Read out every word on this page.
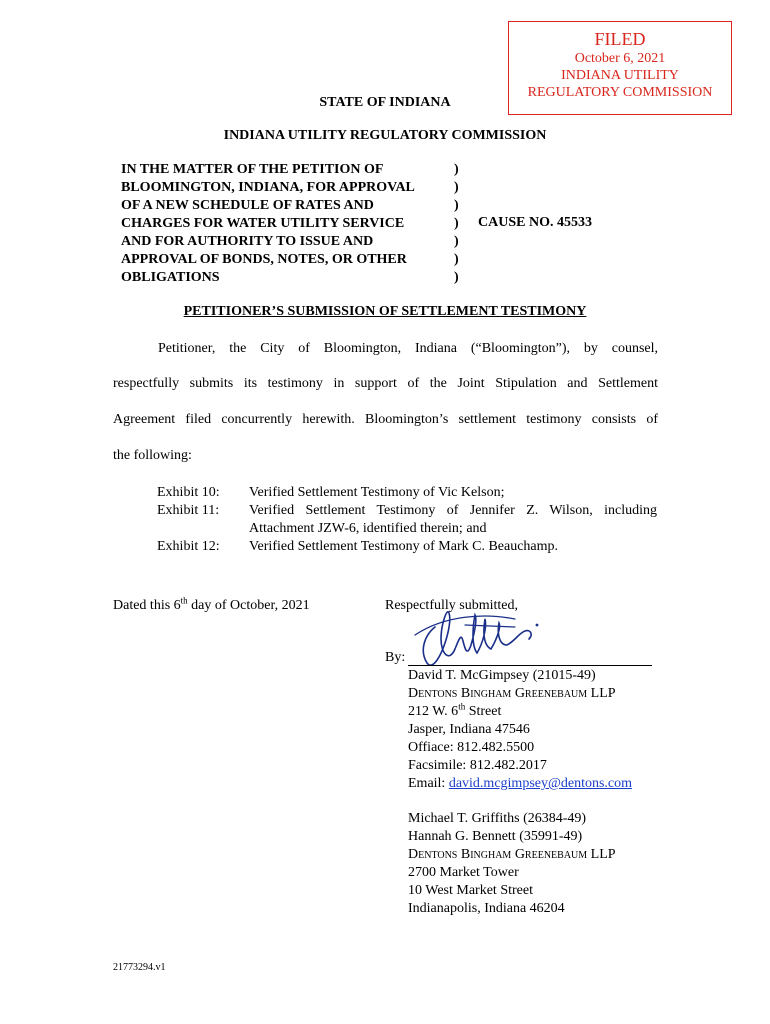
FILED
October 6, 2021
INDIANA UTILITY
REGULATORY COMMISSION
STATE OF INDIANA
INDIANA UTILITY REGULATORY COMMISSION
IN THE MATTER OF THE PETITION OF
BLOOMINGTON, INDIANA, FOR APPROVAL
OF A NEW SCHEDULE OF RATES AND
CHARGES FOR WATER UTILITY SERVICE
AND FOR AUTHORITY TO ISSUE AND
APPROVAL OF BONDS, NOTES, OR OTHER
OBLIGATIONS
)
)
)
)
)
)
)
CAUSE NO. 45533
PETITIONER’S SUBMISSION OF SETTLEMENT TESTIMONY
Petitioner, the City of Bloomington, Indiana (“Bloomington”), by counsel,
respectfully submits its testimony in support of the Joint Stipulation and Settlement
Agreement filed concurrently herewith. Bloomington’s settlement testimony consists of
the following:
Exhibit 10:	Verified Settlement Testimony of Vic Kelson;
Exhibit 11:	Verified Settlement Testimony of Jennifer Z. Wilson, including Attachment JZW-6, identified therein; and
Exhibit 12:	Verified Settlement Testimony of Mark C. Beauchamp.
Dated this 6th day of October, 2021	Respectfully submitted,
By:
David T. McGimpsey (21015-49)
Dentons Bingham Greenebaum LLP
212 W. 6th Street
Jasper, Indiana 47546
Offiace: 812.482.5500
Facsimile: 812.482.2017
Email: david.mcgimpsey@dentons.com
Michael T. Griffiths (26384-49)
Hannah G. Bennett (35991-49)
Dentons Bingham Greenebaum LLP
2700 Market Tower
10 West Market Street
Indianapolis, Indiana 46204
21773294.v1
